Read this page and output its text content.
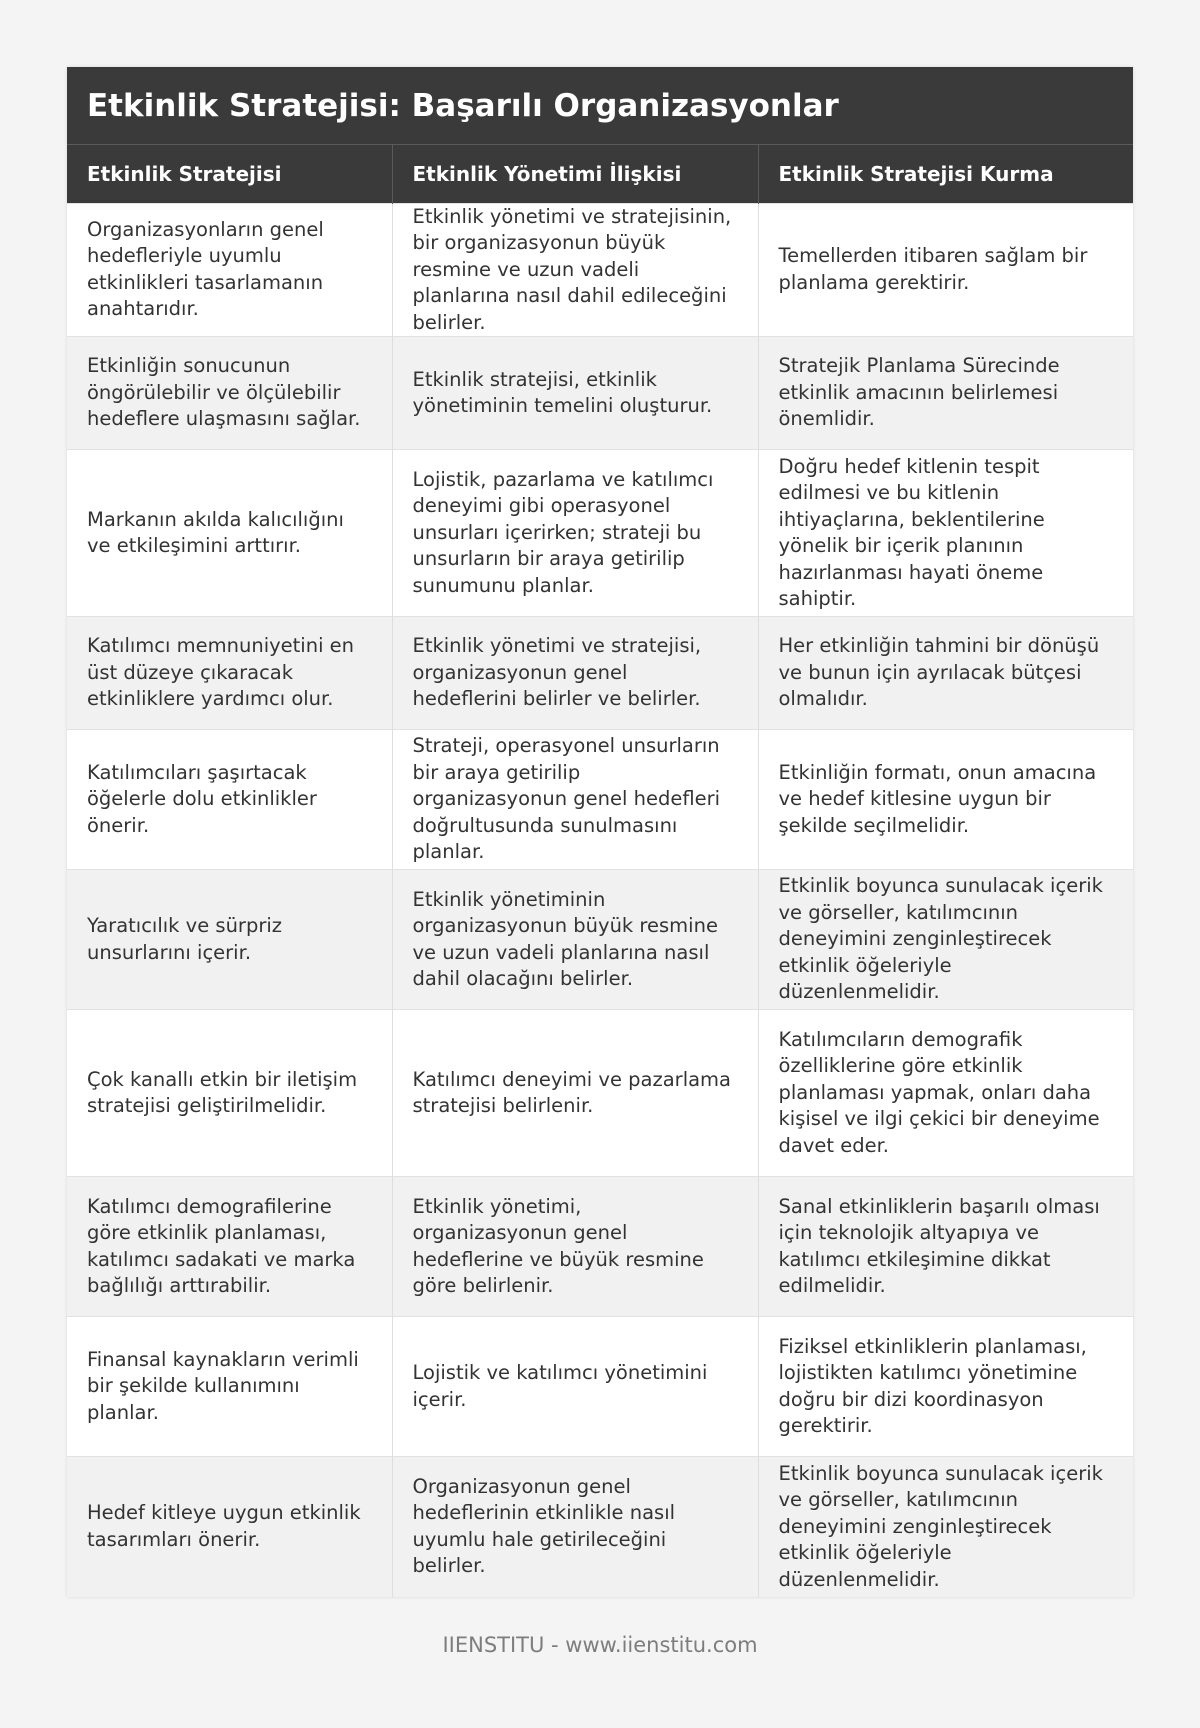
Etkinlik Stratejisi: Başarılı Organizasyonlar
Etkinlik Stratejisi	Etkinlik Yönetimi İlişkisi	Etkinlik Stratejisi Kurma
Organizasyonların genel hedefleriyle uyumlu etkinlikleri tasarlamanın anahtarıdır.	Etkinlik yönetimi ve stratejisinin, bir organizasyonun büyük resmine ve uzun vadeli planlarına nasıl dahil edileceğini belirler.	Temellerden itibaren sağlam bir planlama gerektirir.
Etkinliğin sonucunun öngörülebilir ve ölçülebilir hedeflere ulaşmasını sağlar.	Etkinlik stratejisi, etkinlik yönetiminin temelini oluşturur.	Stratejik Planlama Sürecinde etkinlik amacının belirlemesi önemlidir.
Markanın akılda kalıcılığını ve etkileşimini arttırır.	Lojistik, pazarlama ve katılımcı deneyimi gibi operasyonel unsurları içerirken; strateji bu unsurların bir araya getirilip sunumunu planlar.	Doğru hedef kitlenin tespit edilmesi ve bu kitlenin ihtiyaçlarına, beklentilerine yönelik bir içerik planının hazırlanması hayati öneme sahiptir.
Katılımcı memnuniyetini en üst düzeye çıkaracak etkinliklere yardımcı olur.	Etkinlik yönetimi ve stratejisi, organizasyonun genel hedeflerini belirler ve belirler.	Her etkinliğin tahmini bir dönüşü ve bunun için ayrılacak bütçesi olmalıdır.
Katılımcıları şaşırtacak öğelerle dolu etkinlikler önerir.	Strateji, operasyonel unsurların bir araya getirilip organizasyonun genel hedefleri doğrultusunda sunulmasını planlar.	Etkinliğin formatı, onun amacına ve hedef kitlesine uygun bir şekilde seçilmelidir.
Yaratıcılık ve sürpriz unsurlarını içerir.	Etkinlik yönetiminin organizasyonun büyük resmine ve uzun vadeli planlarına nasıl dahil olacağını belirler.	Etkinlik boyunca sunulacak içerik ve görseller, katılımcının deneyimini zenginleştirecek etkinlik öğeleriyle düzenlenmelidir.
Çok kanallı etkin bir iletişim stratejisi geliştirilmelidir.	Katılımcı deneyimi ve pazarlama stratejisi belirlenir.	Katılımcıların demografik özelliklerine göre etkinlik planlaması yapmak, onları daha kişisel ve ilgi çekici bir deneyime davet eder.
Katılımcı demografilerine göre etkinlik planlaması, katılımcı sadakati ve marka bağlılığı arttırabilir.	Etkinlik yönetimi, organizasyonun genel hedeflerine ve büyük resmine göre belirlenir.	Sanal etkinliklerin başarılı olması için teknolojik altyapıya ve katılımcı etkileşimine dikkat edilmelidir.
Finansal kaynakların verimli bir şekilde kullanımını planlar.	Lojistik ve katılımcı yönetimini içerir.	Fiziksel etkinliklerin planlaması, lojistikten katılımcı yönetimine doğru bir dizi koordinasyon gerektirir.
Hedef kitleye uygun etkinlik tasarımları önerir.	Organizasyonun genel hedeflerinin etkinlikle nasıl uyumlu hale getirileceğini belirler.	Etkinlik boyunca sunulacak içerik ve görseller, katılımcının deneyimini zenginleştirecek etkinlik öğeleriyle düzenlenmelidir.
IIENSTITU - www.iienstitu.com
